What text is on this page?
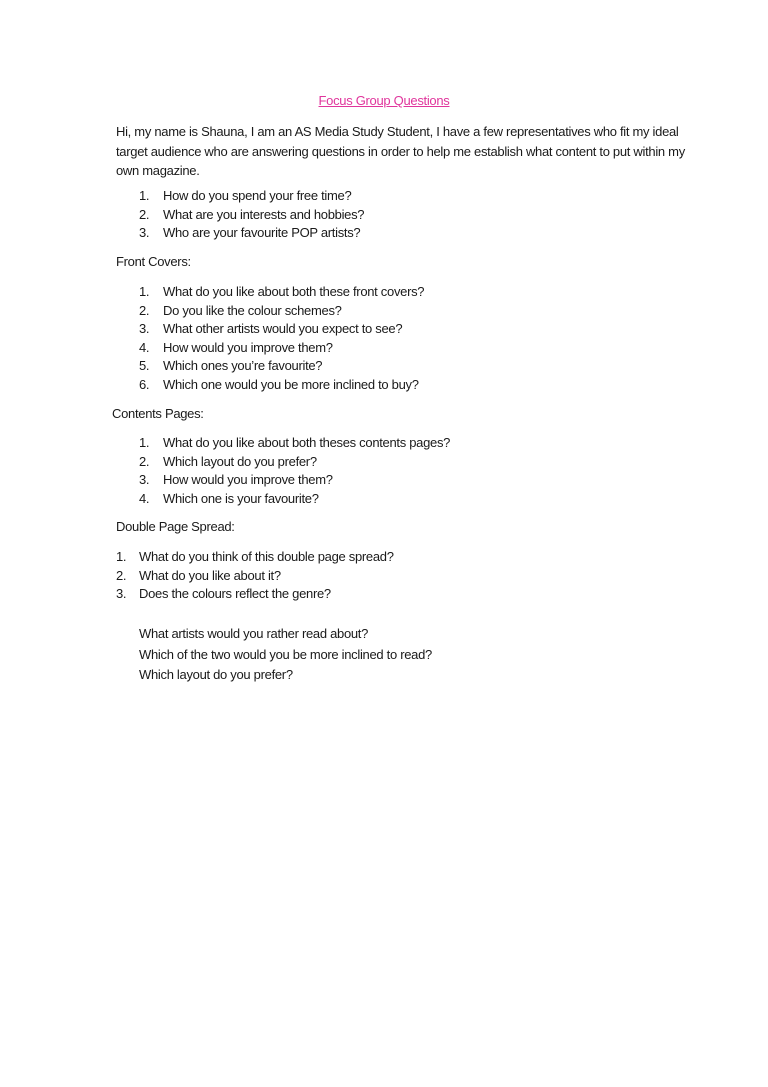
Focus Group Questions
Hi, my name is Shauna, I am an AS Media Study Student, I have a few representatives who fit my ideal target audience who are answering questions in order to help me establish what content to put within my own magazine.
1. How do you spend your free time?
2. What are you interests and hobbies?
3. Who are your favourite POP artists?
Front Covers:
1. What do you like about both these front covers?
2. Do you like the colour schemes?
3. What other artists would you expect to see?
4. How would you improve them?
5. Which ones you’re favourite?
6. Which one would you be more inclined to buy?
Contents Pages:
1. What do you like about both theses contents pages?
2. Which layout do you prefer?
3. How would you improve them?
4. Which one is your favourite?
Double Page Spread:
1. What do you think of this double page spread?
2. What do you like about it?
3. Does the colours reflect the genre?
What artists would you rather read about?
Which of the two would you be more inclined to read?
Which layout do you prefer?
